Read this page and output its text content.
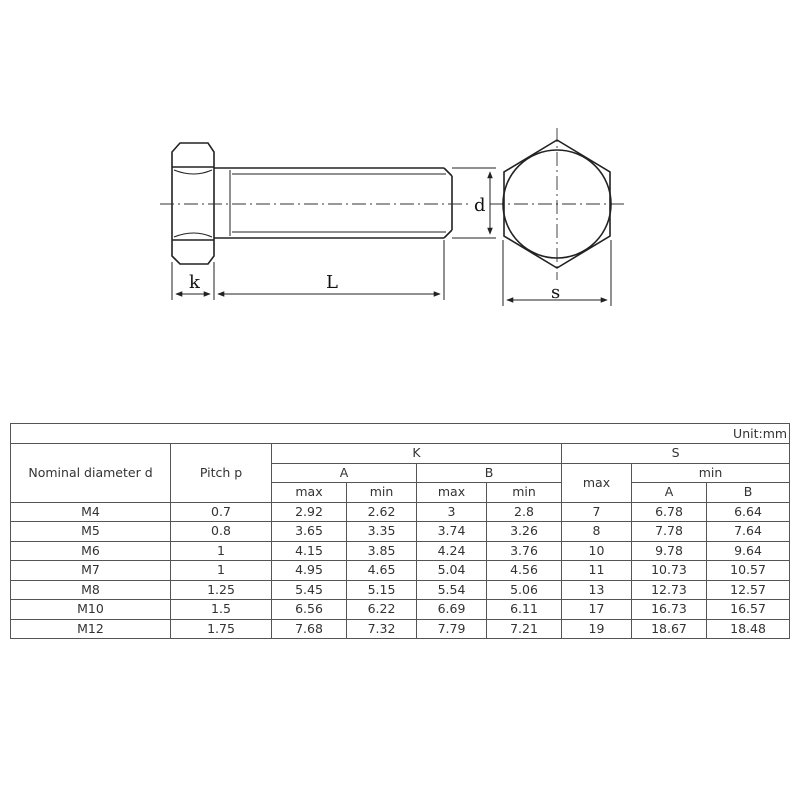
d
k	L	s
Unit:mm								
Nominal diameter d	Pitch p	K				S		
		A		B		max	min	
		max	min	max	min		A	B
M4	0.7	2.92	2.62	3	2.8	7	6.78	6.64
M5	0.8	3.65	3.35	3.74	3.26	8	7.78	7.64
M6	1	4.15	3.85	4.24	3.76	10	9.78	9.64
M7	1	4.95	4.65	5.04	4.56	11	10.73	10.57
M8	1.25	5.45	5.15	5.54	5.06	13	12.73	12.57
M10	1.5	6.56	6.22	6.69	6.11	17	16.73	16.57
M12	1.75	7.68	7.32	7.79	7.21	19	18.67	18.48
